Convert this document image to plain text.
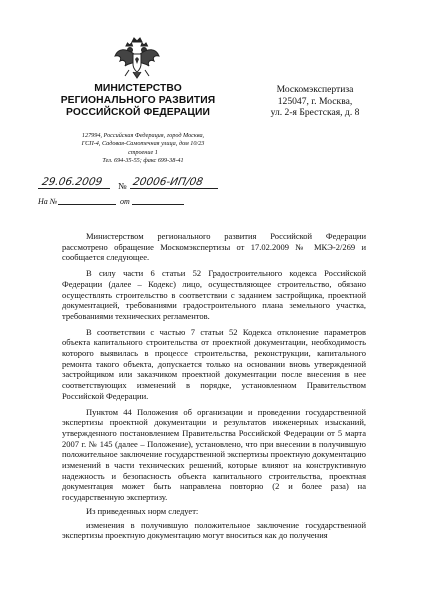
МИНИСТЕРСТВО
РЕГИОНАЛЬНОГО РАЗВИТИЯ
РОССИЙСКОЙ ФЕДЕРАЦИИ
127994, Российская Федерация, город Москва,
ГСП-4, Садовая-Самотечная улица, дом 10/23
строение 1
Тел. 694-35-55; факс 699-38-41
Москомэкспертиза
125047, г. Москва,
ул. 2-я Брестская, д. 8
29.06.2009 № 20006-ИП/08
На №	от

Министерством регионального развития Российской Федерации рассмотрено обращение Москомэкспертизы от 17.02.2009 № МКЭ-2/269 и сообщается следующее.

В силу части 6 статьи 52 Градостроительного кодекса Российской Федерации (далее – Кодекс) лицо, осуществляющее строительство, обязано осуществлять строительство в соответствии с заданием застройщика, проектной документацией, требованиями градостроительного плана земельного участка, требованиями технических регламентов.

В соответствии с частью 7 статьи 52 Кодекса отклонение параметров объекта капитального строительства от проектной документации, необходимость которого выявилась в процессе строительства, реконструкции, капитального ремонта такого объекта, допускается только на основании вновь утвержденной застройщиком или заказчиком проектной документации после внесения в нее соответствующих изменений в порядке, установленном Правительством Российской Федерации.

Пунктом 44 Положения об организации и проведении государственной экспертизы проектной документации и результатов инженерных изысканий, утвержденного постановлением Правительства Российской Федерации от 5 марта 2007 г. № 145 (далее – Положение), установлено, что при внесении в получившую положительное заключение государственной экспертизы проектную документацию изменений в части технических решений, которые влияют на конструктивную надежность и безопасность объекта капитального строительства, проектная документация может быть направлена повторно (2 и более раза) на государственную экспертизу.

Из приведенных норм следует:

изменения в получившую положительное заключение государственной экспертизы проектную документацию могут вноситься как до получения
